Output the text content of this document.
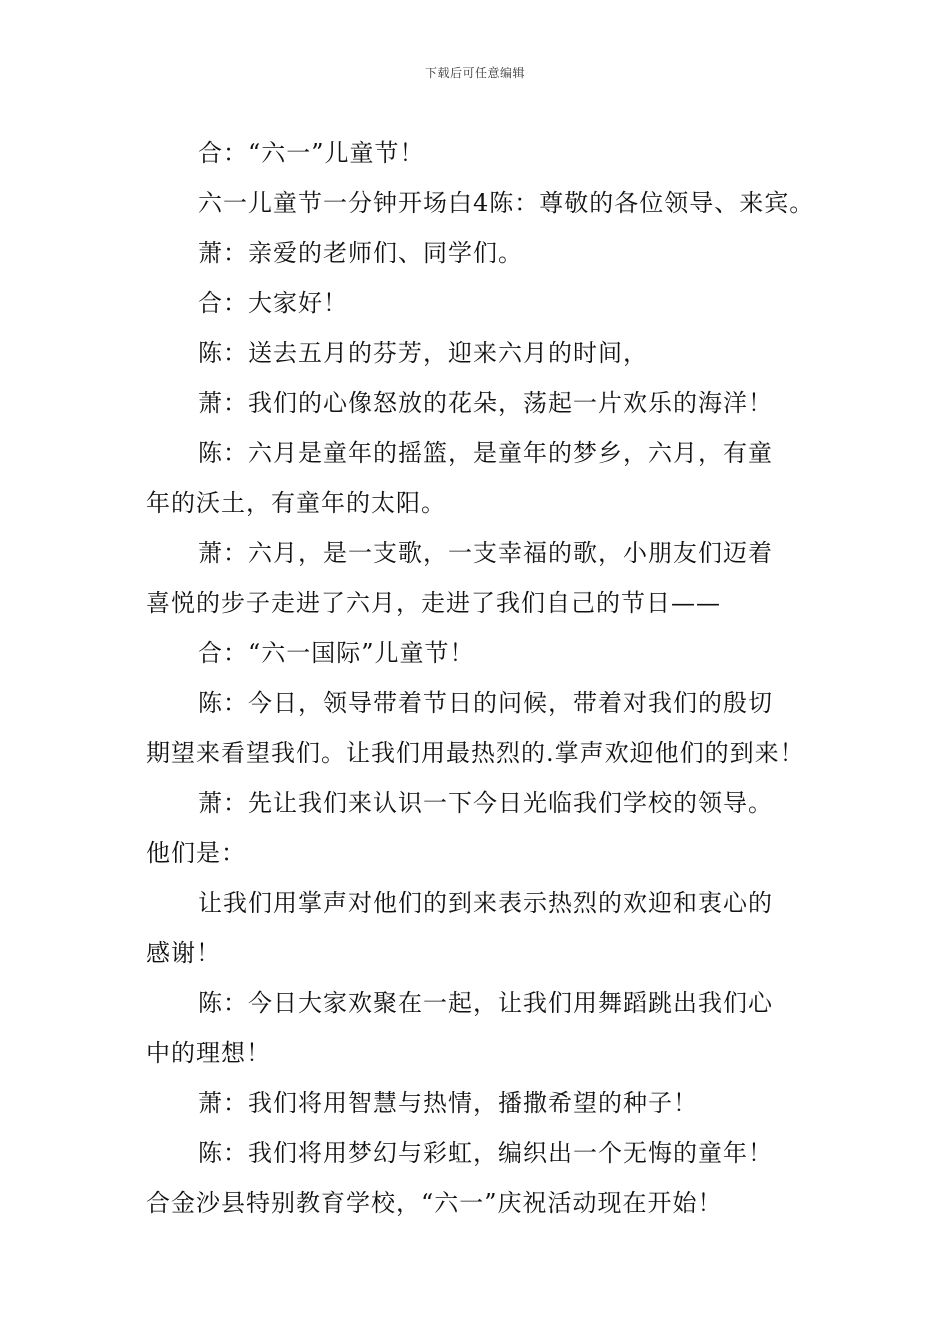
下载后可任意编辑

合：“六一”儿童节！

六一儿童节一分钟开场白4陈：尊敬的各位领导、来宾。

萧：亲爱的老师们、同学们。

合：大家好！

陈：送去五月的芬芳，迎来六月的时间，

萧：我们的心像怒放的花朵，荡起一片欢乐的海洋！

陈：六月是童年的摇篮，是童年的梦乡，六月，有童

年的沃土，有童年的太阳。

萧：六月，是一支歌，一支幸福的歌，小朋友们迈着

喜悦的步子走进了六月，走进了我们自己的节日——

合：“六一国际”儿童节！

陈：今日，领导带着节日的问候，带着对我们的殷切

期望来看望我们。让我们用最热烈的.掌声欢迎他们的到来！

萧：先让我们来认识一下今日光临我们学校的领导。

他们是：

让我们用掌声对他们的到来表示热烈的欢迎和衷心的

感谢！

陈：今日大家欢聚在一起，让我们用舞蹈跳出我们心

中的理想！

萧：我们将用智慧与热情，播撒希望的种子！

陈：我们将用梦幻与彩虹，编织出一个无悔的童年！

合金沙县特别教育学校，“六一”庆祝活动现在开始！
